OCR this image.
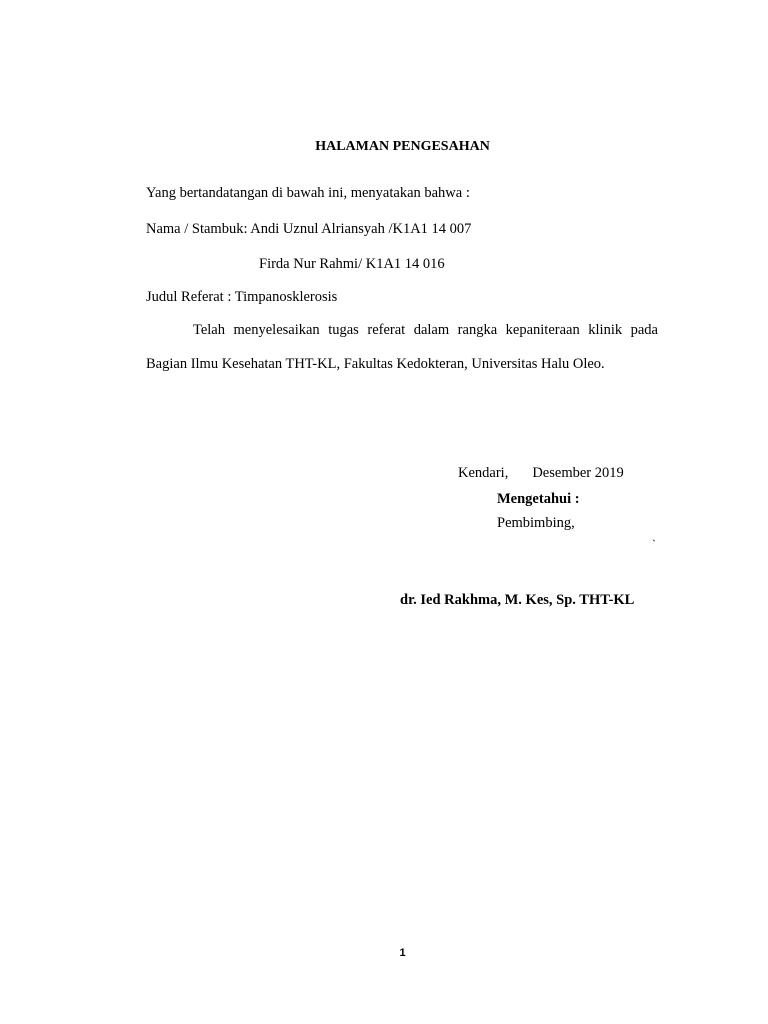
HALAMAN PENGESAHAN
Yang bertandatangan di bawah ini, menyatakan bahwa :
Nama / Stambuk: Andi Uznul Alriansyah /K1A1 14 007
Firda Nur Rahmi/ K1A1 14 016
Judul Referat : Timpanosklerosis
Telah menyelesaikan tugas referat dalam rangka kepaniteraan klinik pada
Bagian Ilmu Kesehatan THT-KL, Fakultas Kedokteran, Universitas Halu Oleo.
Kendari, Desember 2019
Mengetahui :
Pembimbing,
`
dr. Ied Rakhma, M. Kes, Sp. THT-KL
1
